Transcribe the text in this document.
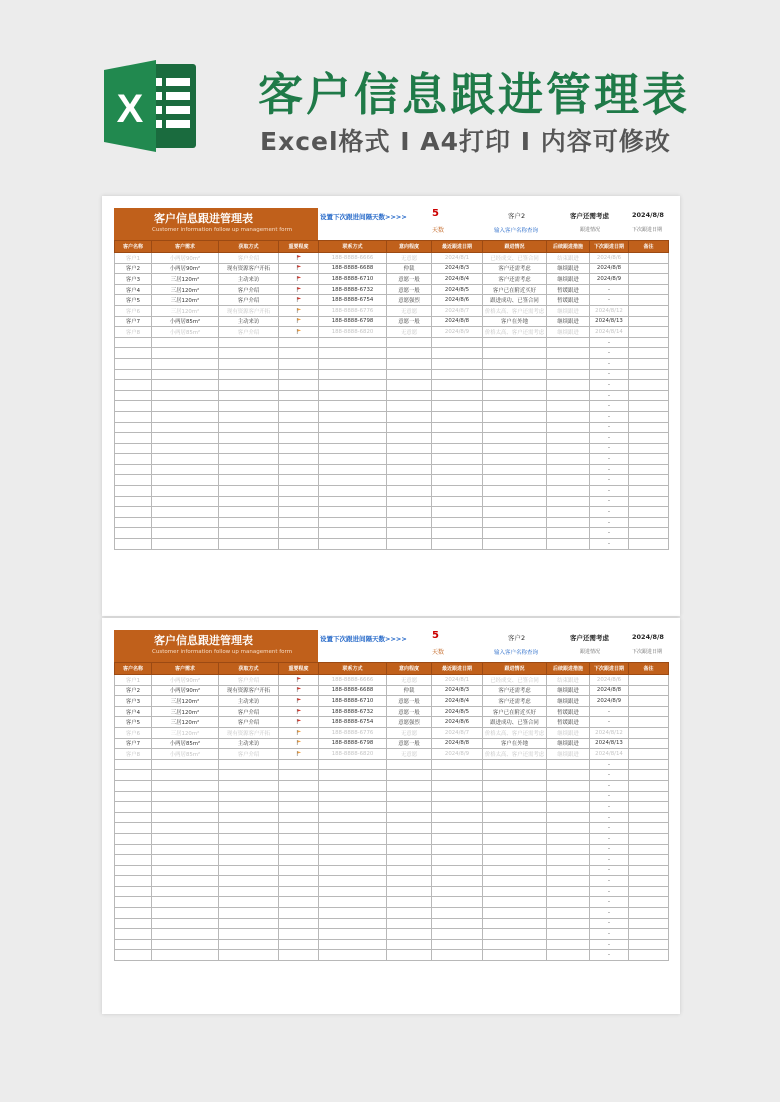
X	客户信息跟进管理表
Excel格式 I A4打印 I 内容可修改
客户信息跟进管理表
Customer information follow up management form
设置下次跟进间隔天数>>>>	5
天数
客户2
输入客户名称查询
客户还需考虑
跟进情况
2024/8/8
下次跟进日期
客户名称	客户需求	获取方式	重要程度	联系方式	意向程度	最近跟进日期	跟进情况	后续跟进措施	下次跟进日期	备注
客户1	小两居90m²	客户介绍		188-8888-6666	无意愿	2024/8/1	已经成交、已签合同	结束跟进	2024/8/6	
客户2	小两居90m²	现有资源客户开拓		188-8888-6688	仲裁	2024/8/3	客户还需考虑	继续跟进	2024/8/8	
客户3	三居120m²	主动来访		188-8888-6710	意愿一般	2024/8/4	客户还需考虑	继续跟进	2024/8/9	
客户4	三居120m²	客户介绍		188-8888-6732	意愿一般	2024/8/5	客户已在附近买好	暂缓跟进	-	
客户5	三居120m²	客户介绍		188-8888-6754	意愿强烈	2024/8/6	跟进成功、已签合同	暂缓跟进	-	
客户6	三居120m²	现有资源客户开拓		188-8888-6776	无意愿	2024/8/7	价格太高、客户还需考虑	继续跟进	2024/8/12	
客户7	小两居85m²	主动来访		188-8888-6798	意愿一般	2024/8/8	客户在外地	继续跟进	2024/8/13	
客户8	小两居85m²	客户介绍		188-8888-6820	无意愿	2024/8/9	价格太高、客户还需考虑	继续跟进	2024/8/14	
									-	
									-	
									-	
									-	
									-	
									-	
									-	
									-	
									-	
									-	
									-	
									-	
									-	
									-	
									-	
									-	
									-	
									-	
									-	
									-	
客户信息跟进管理表
Customer information follow up management form
设置下次跟进间隔天数>>>>	5
天数
客户2
输入客户名称查询
客户还需考虑
跟进情况
2024/8/8
下次跟进日期
客户名称	客户需求	获取方式	重要程度	联系方式	意向程度	最近跟进日期	跟进情况	后续跟进措施	下次跟进日期	备注
客户1	小两居90m²	客户介绍		188-8888-6666	无意愿	2024/8/1	已经成交、已签合同	结束跟进	2024/8/6	
客户2	小两居90m²	现有资源客户开拓		188-8888-6688	仲裁	2024/8/3	客户还需考虑	继续跟进	2024/8/8	
客户3	三居120m²	主动来访		188-8888-6710	意愿一般	2024/8/4	客户还需考虑	继续跟进	2024/8/9	
客户4	三居120m²	客户介绍		188-8888-6732	意愿一般	2024/8/5	客户已在附近买好	暂缓跟进	-	
客户5	三居120m²	客户介绍		188-8888-6754	意愿强烈	2024/8/6	跟进成功、已签合同	暂缓跟进	-	
客户6	三居120m²	现有资源客户开拓		188-8888-6776	无意愿	2024/8/7	价格太高、客户还需考虑	继续跟进	2024/8/12	
客户7	小两居85m²	主动来访		188-8888-6798	意愿一般	2024/8/8	客户在外地	继续跟进	2024/8/13	
客户8	小两居85m²	客户介绍		188-8888-6820	无意愿	2024/8/9	价格太高、客户还需考虑	继续跟进	2024/8/14	
									-	
									-	
									-	
									-	
									-	
									-	
									-	
									-	
									-	
									-	
									-	
									-	
									-	
									-	
									-	
									-	
									-	
									-	
									-	
